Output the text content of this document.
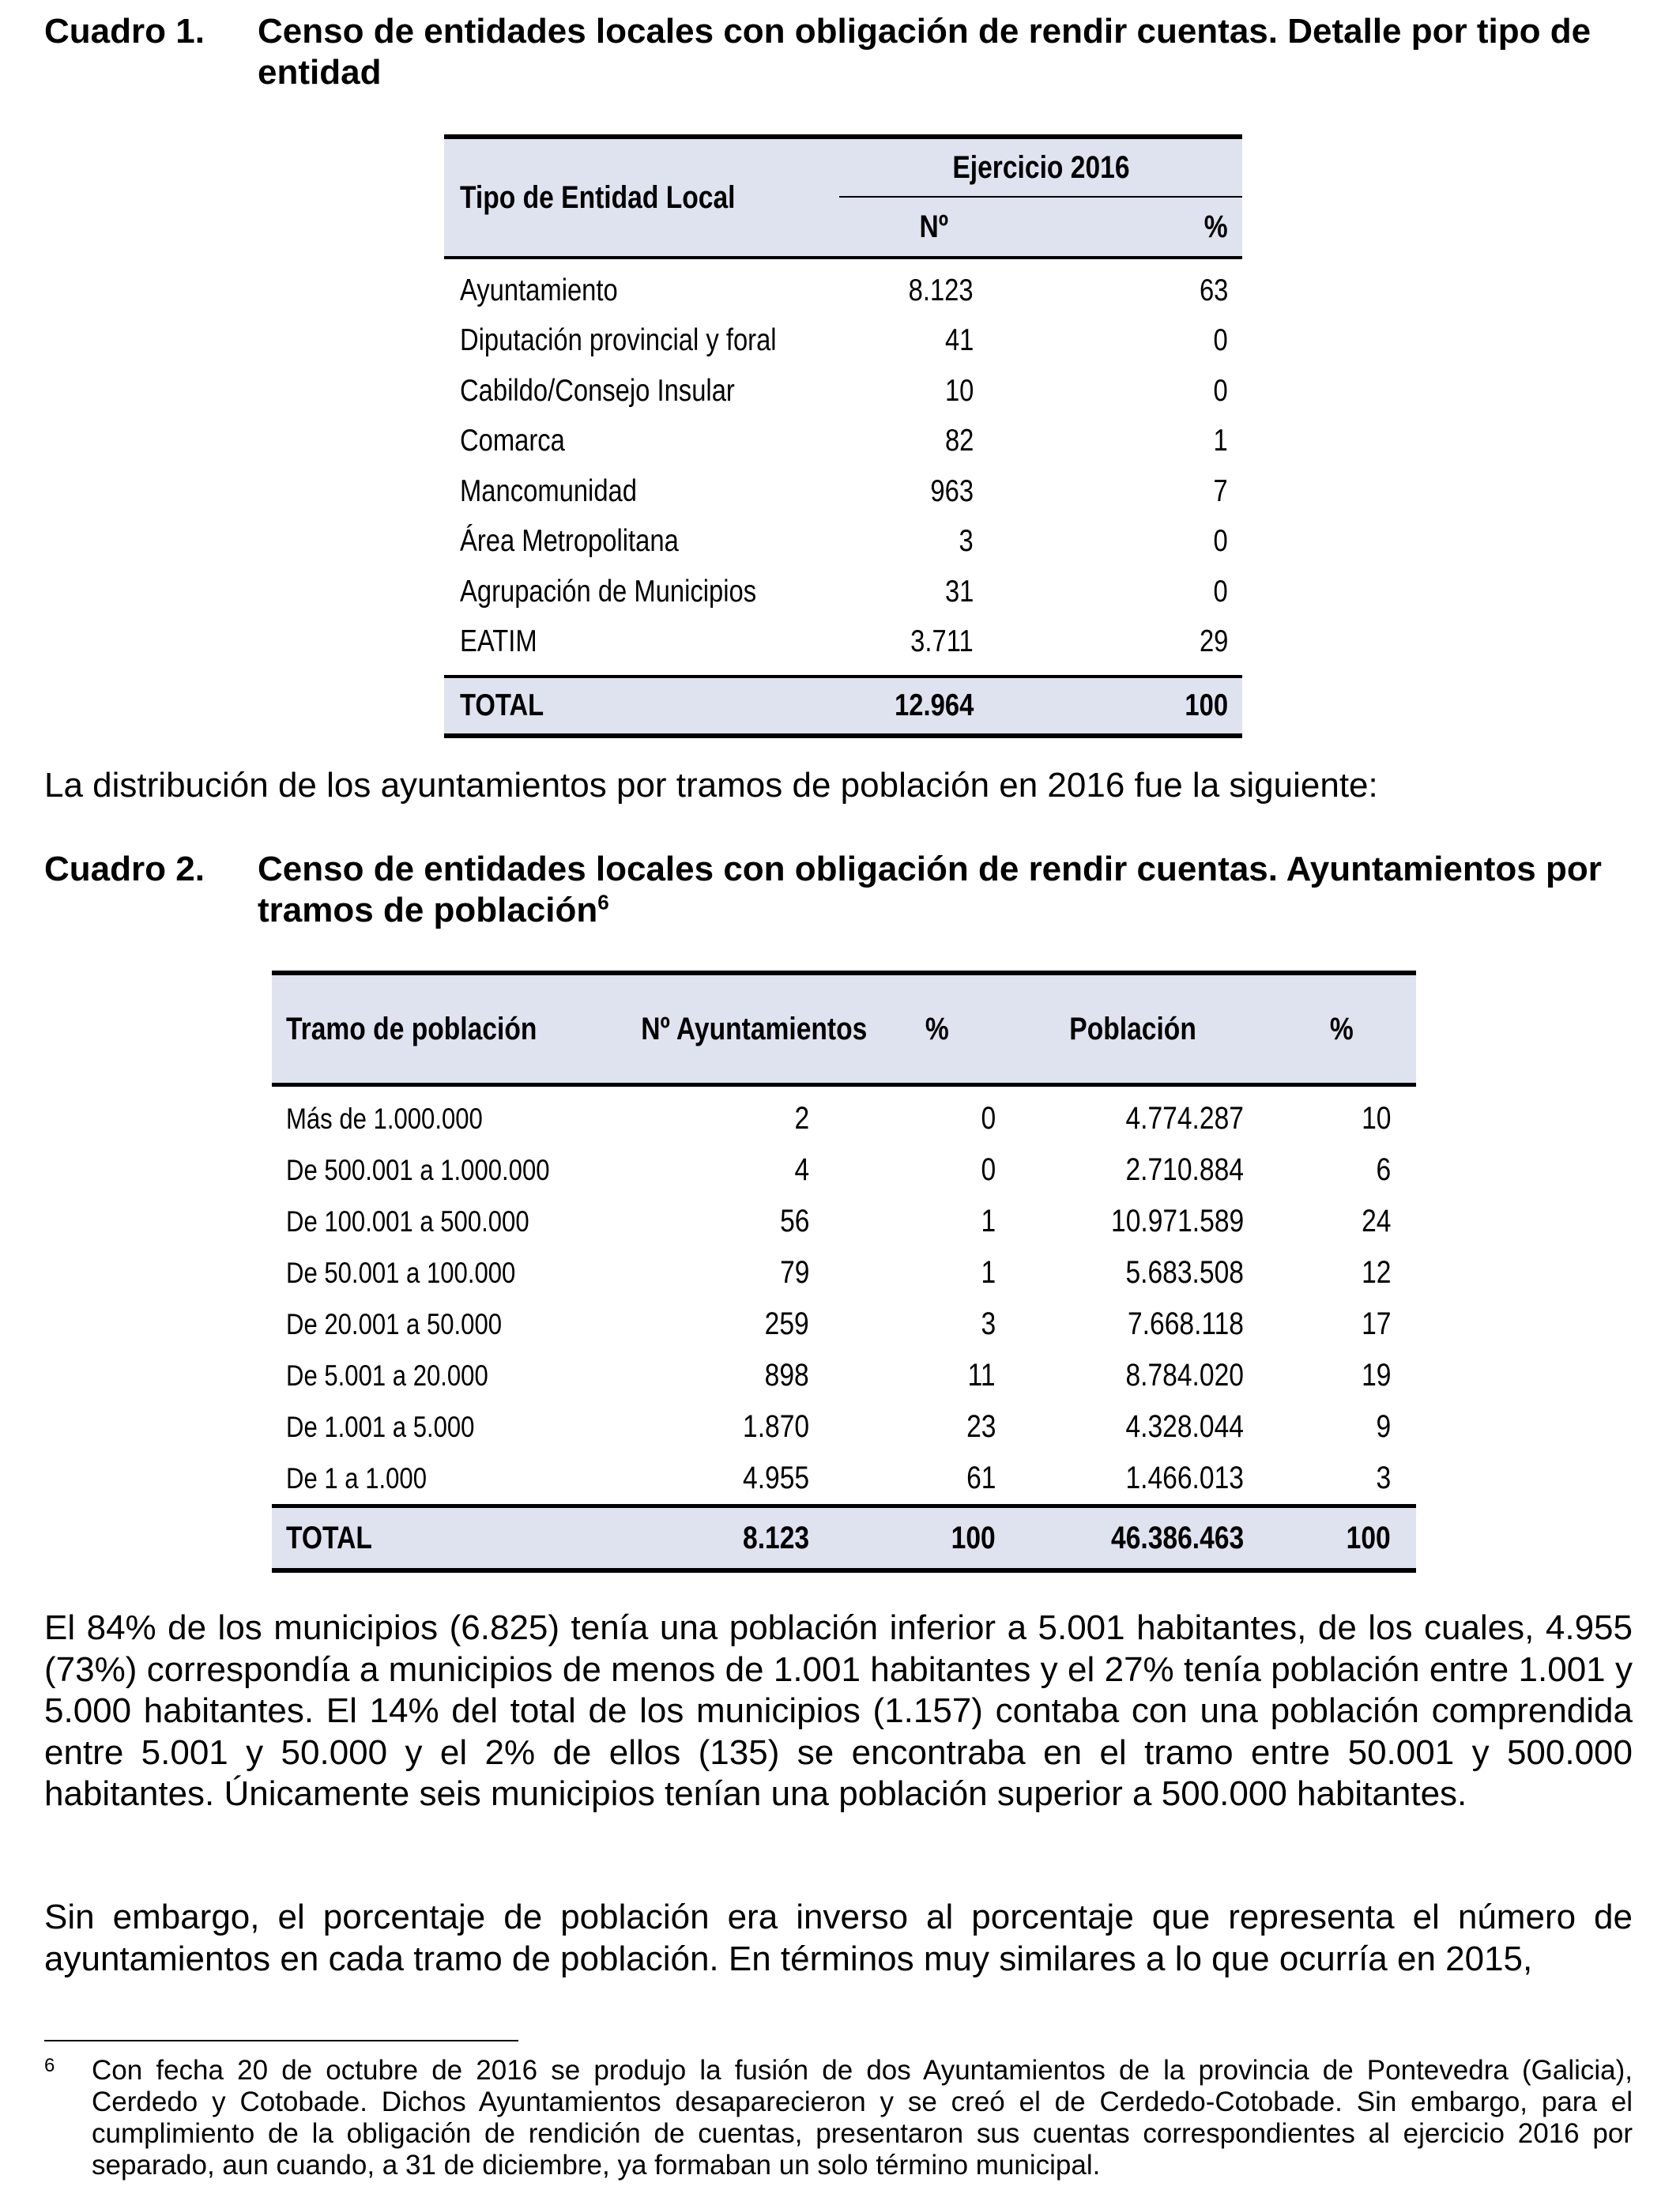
Cuadro 1. Censo de entidades locales con obligación de rendir cuentas. Detalle por tipo de entidad
Tipo de Entidad Local	Ejercicio 2016	
	Nº	%

Ayuntamiento	8.123	63
Diputación provincial y foral	41	0
Cabildo/Consejo Insular	10	0
Comarca	82	1
Mancomunidad	963	7
Área Metropolitana	3	0
Agrupación de Municipios	31	0
EATIM	3.711	29

TOTAL	12.964	100
La distribución de los ayuntamientos por tramos de población en 2016 fue la siguiente:
Cuadro 2. Censo de entidades locales con obligación de rendir cuentas. Ayuntamientos por tramos de población$^6$
Tramo de población	Nº Ayuntamientos	%	Población	%

Más de 1.000.000	2	0	4.774.287	10
De 500.001 a 1.000.000	4	0	2.710.884	6
De 100.001 a 500.000	56	1	10.971.589	24
De 50.001 a 100.000	79	1	5.683.508	12
De 20.001 a 50.000	259	3	7.668.118	17
De 5.001 a 20.000	898	11	8.784.020	19
De 1.001 a 5.000	1.870	23	4.328.044	9
De 1 a 1.000	4.955	61	1.466.013	3
TOTAL	8.123	100	46.386.463	100
El 84% de los municipios (6.825) tenía una población inferior a 5.001 habitantes, de los cuales, 4.955 (73%) correspondía a municipios de menos de 1.001 habitantes y el 27% tenía población entre 1.001 y 5.000 habitantes. El 14% del total de los municipios (1.157) contaba con una población comprendida entre 5.001 y 50.000 y el 2% de ellos (135) se encontraba en el tramo entre 50.001 y 500.000 habitantes. Únicamente seis municipios tenían una población superior a 500.000 habitantes.
Sin embargo, el porcentaje de población era inverso al porcentaje que representa el número de ayuntamientos en cada tramo de población. En términos muy similares a lo que ocurría en 2015,
6 Con fecha 20 de octubre de 2016 se produjo la fusión de dos Ayuntamientos de la provincia de Pontevedra (Galicia), Cerdedo y Cotobade. Dichos Ayuntamientos desaparecieron y se creó el de Cerdedo-Cotobade. Sin embargo, para el cumplimiento de la obligación de rendición de cuentas, presentaron sus cuentas correspondientes al ejercicio 2016 por separado, aun cuando, a 31 de diciembre, ya formaban un solo término municipal.
